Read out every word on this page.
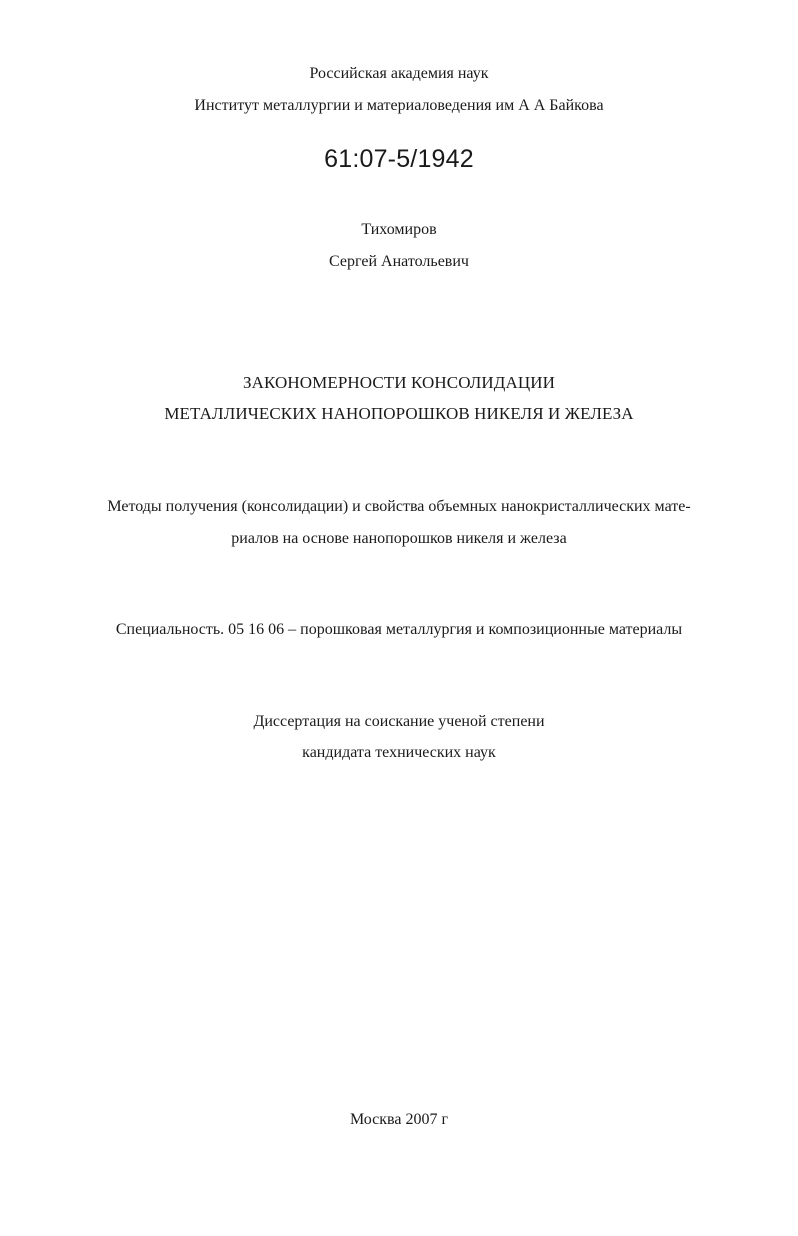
Российская академия наук
Институт металлургии и материаловедения им А А Байкова
61:07-5/1942
Тихомиров
Сергей Анатольевич
ЗАКОНОМЕРНОСТИ КОНСОЛИДАЦИИ
МЕТАЛЛИЧЕСКИХ НАНОПОРОШКОВ НИКЕЛЯ И ЖЕЛЕЗА
Методы получения (консолидации) и свойства объемных нанокристаллических мате-
риалов на основе нанопорошков никеля и железа
Специальность. 05 16 06 – порошковая металлургия и композиционные материалы
Диссертация на соискание ученой степени
кандидата технических наук
Москва 2007 г
